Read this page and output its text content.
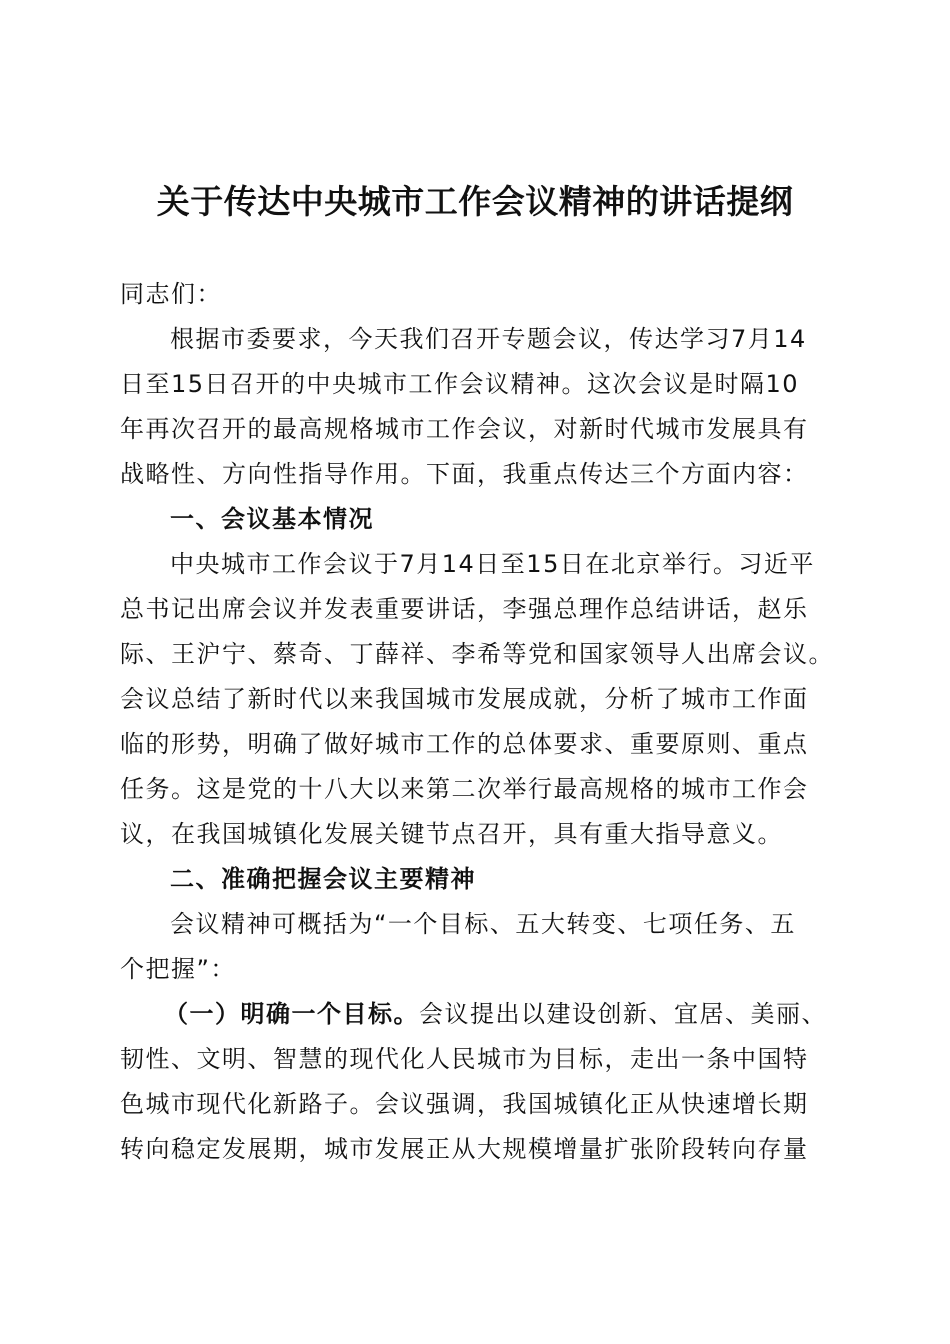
关于传达中央城市工作会议精神的讲话提纲
同志们：
根据市委要求，今天我们召开专题会议，传达学习7月14
日至15日召开的中央城市工作会议精神。这次会议是时隔10
年再次召开的最高规格城市工作会议，对新时代城市发展具有
战略性、方向性指导作用。下面，我重点传达三个方面内容：
一、会议基本情况
中央城市工作会议于7月14日至15日在北京举行。习近平
总书记出席会议并发表重要讲话，李强总理作总结讲话，赵乐
际、王沪宁、蔡奇、丁薛祥、李希等党和国家领导人出席会议。
会议总结了新时代以来我国城市发展成就，分析了城市工作面
临的形势，明确了做好城市工作的总体要求、重要原则、重点
任务。这是党的十八大以来第二次举行最高规格的城市工作会
议，在我国城镇化发展关键节点召开，具有重大指导意义。
二、准确把握会议主要精神
会议精神可概括为“一个目标、五大转变、七项任务、五
个把握”：
（一）明确一个目标。会议提出以建设创新、宜居、美丽、
韧性、文明、智慧的现代化人民城市为目标，走出一条中国特
色城市现代化新路子。会议强调，我国城镇化正从快速增长期
转向稳定发展期，城市发展正从大规模增量扩张阶段转向存量
